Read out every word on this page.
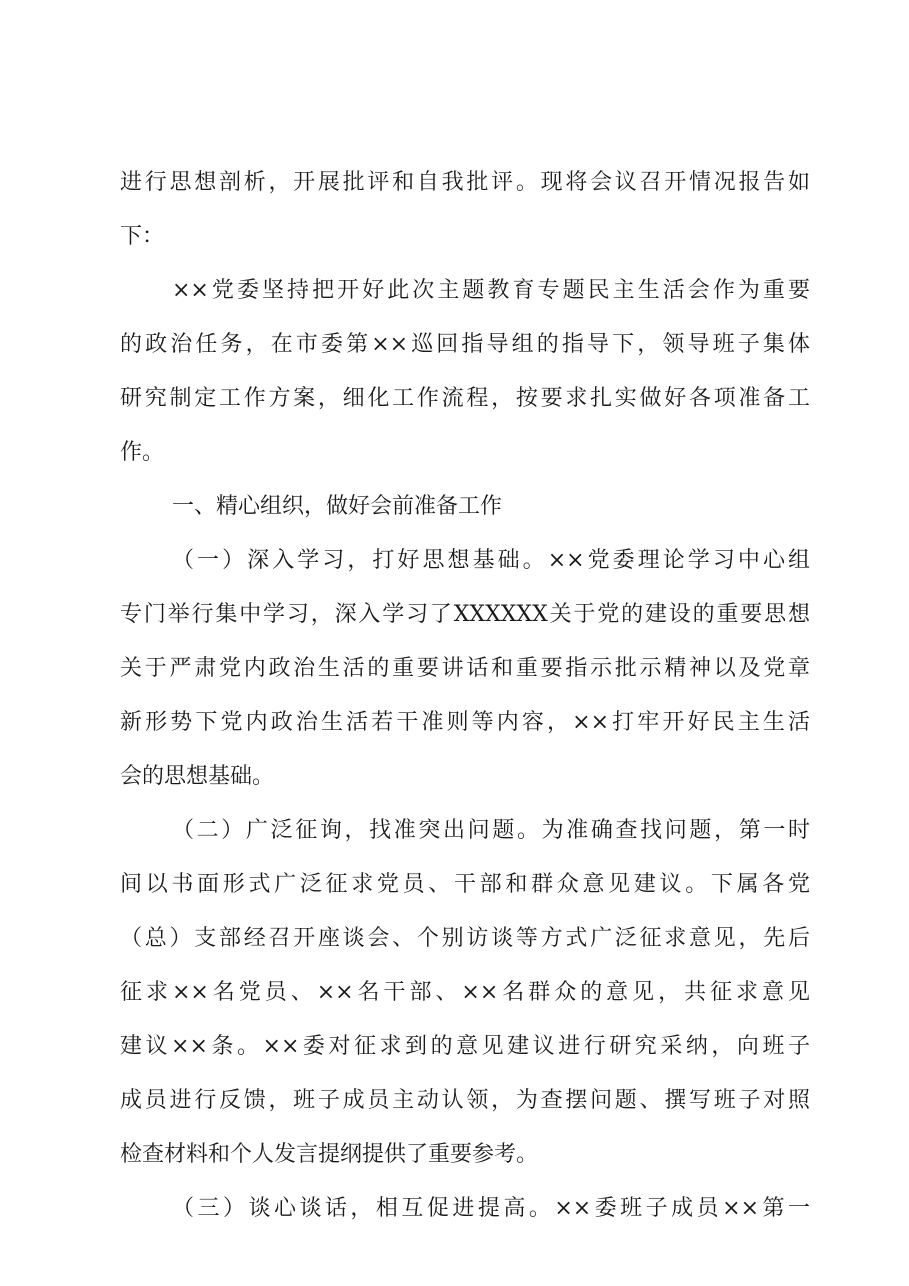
进行思想剖析，开展批评和自我批评。现将会议召开情况报告如
下：
××党委坚持把开好此次主题教育专题民主生活会作为重要
的政治任务，在市委第××巡回指导组的指导下，领导班子集体
研究制定工作方案，细化工作流程，按要求扎实做好各项准备工
作。
一、精心组织，做好会前准备工作
（一）深入学习，打好思想基础。××党委理论学习中心组
专门举行集中学习，深入学习了XXXXXX关于党的建设的重要思想
关于严肃党内政治生活的重要讲话和重要指示批示精神以及党章
新形势下党内政治生活若干准则等内容，××打牢开好民主生活
会的思想基础。
（二）广泛征询，找准突出问题。为准确查找问题，第一时
间以书面形式广泛征求党员、干部和群众意见建议。下属各党
（总）支部经召开座谈会、个别访谈等方式广泛征求意见，先后
征求××名党员、××名干部、××名群众的意见，共征求意见
建议××条。××委对征求到的意见建议进行研究采纳，向班子
成员进行反馈，班子成员主动认领，为查摆问题、撰写班子对照
检查材料和个人发言提纲提供了重要参考。
（三）谈心谈话，相互促进提高。××委班子成员××第一
